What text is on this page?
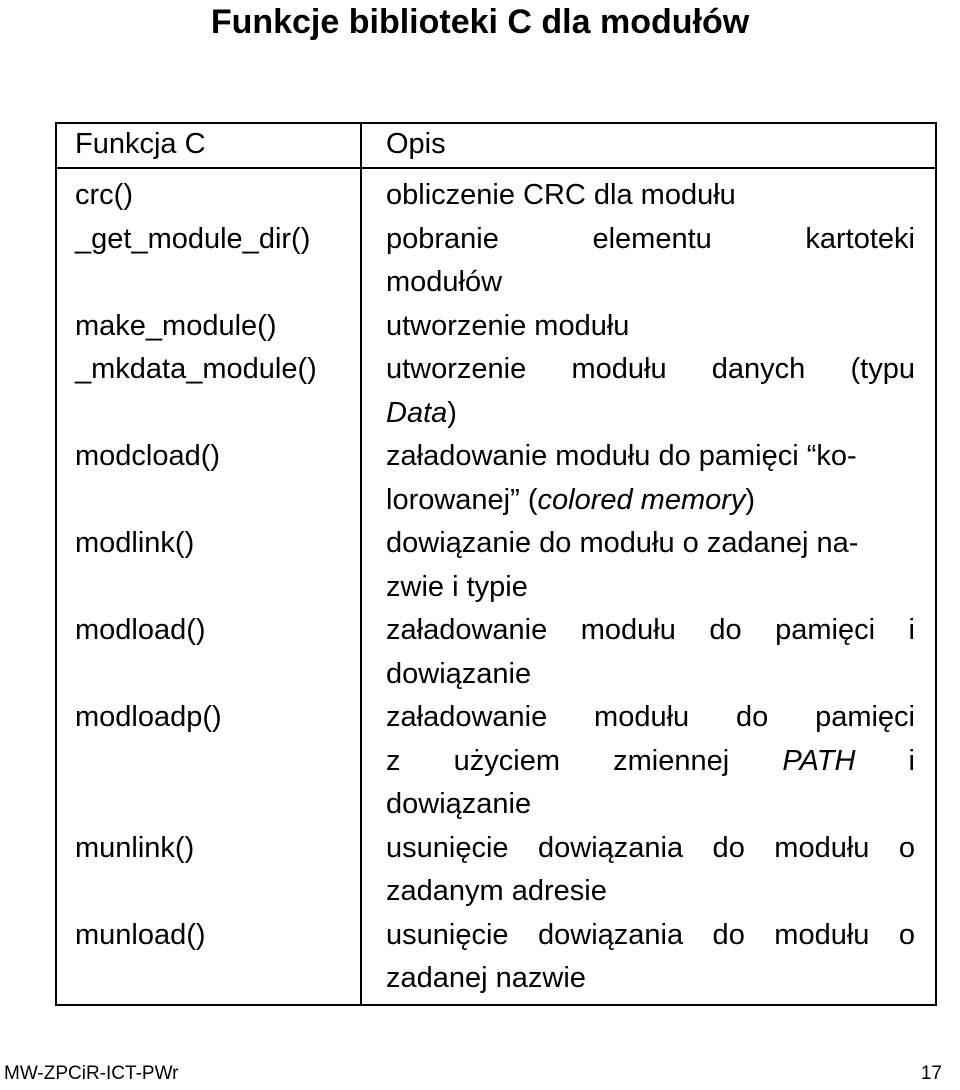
Funkcje biblioteki C dla modułów
Funkcja C	Opis
crc()	obliczenie CRC dla modułu
_get_module_dir()	pobranie elementu kartoteki
modułów
make_module()	utworzenie modułu
_mkdata_module()	utworzenie modułu danych (typu
Data)
modcload()	załadowanie modułu do pamięci “ko-
lorowanej” (colored memory)
modlink()	dowiązanie do modułu o zadanej na-
zwie i typie
modload()	załadowanie modułu do pamięci i
dowiązanie
modloadp()	załadowanie modułu do pamięci
z użyciem zmiennej PATH i
dowiązanie
munlink()	usunięcie dowiązania do modułu o
zadanym adresie
munload()	usunięcie dowiązania do modułu o
zadanej nazwie
MW-ZPCiR-ICT-PWr	17
